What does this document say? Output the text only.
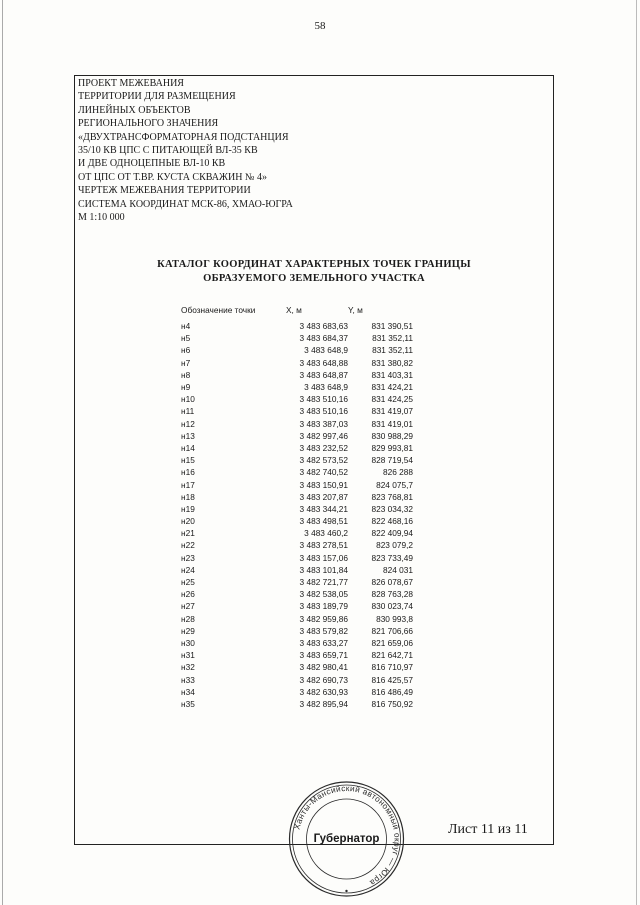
58
ПРОЕКТ МЕЖЕВАНИЯ
ТЕРРИТОРИИ ДЛЯ РАЗМЕЩЕНИЯ
ЛИНЕЙНЫХ ОБЪЕКТОВ
РЕГИОНАЛЬНОГО ЗНАЧЕНИЯ
«ДВУХТРАНСФОРМАТОРНАЯ ПОДСТАНЦИЯ
35/10 КВ ЦПС С ПИТАЮЩЕЙ ВЛ-35 КВ
И ДВЕ ОДНОЦЕПНЫЕ ВЛ-10 КВ
ОТ ЦПС ОТ Т.ВР. КУСТА СКВАЖИН № 4»
ЧЕРТЕЖ МЕЖЕВАНИЯ ТЕРРИТОРИИ
СИСТЕМА КООРДИНАТ МСК-86, ХМАО-ЮГРА
М 1:10 000
КАТАЛОГ КООРДИНАТ ХАРАКТЕРНЫХ ТОЧЕК ГРАНИЦЫ
ОБРАЗУЕМОГО ЗЕМЕЛЬНОГО УЧАСТКА
Обозначение точки	X, м	Y, м
н4	3 483 683,63	831 390,51
н5	3 483 684,37	831 352,11
н6	3 483 648,9	831 352,11
н7	3 483 648,88	831 380,82
н8	3 483 648,87	831 403,31
н9	3 483 648,9	831 424,21
н10	3 483 510,16	831 424,25
н11	3 483 510,16	831 419,07
н12	3 483 387,03	831 419,01
н13	3 482 997,46	830 988,29
н14	3 483 232,52	829 993,81
н15	3 482 573,52	828 719,54
н16	3 482 740,52	826 288
н17	3 483 150,91	824 075,7
н18	3 483 207,87	823 768,81
н19	3 483 344,21	823 034,32
н20	3 483 498,51	822 468,16
н21	3 483 460,2	822 409,94
н22	3 483 278,51	823 079,2
н23	3 483 157,06	823 733,49
н24	3 483 101,84	824 031
н25	3 482 721,77	826 078,67
н26	3 482 538,05	828 763,28
н27	3 483 189,79	830 023,74
н28	3 482 959,86	830 993,8
н29	3 483 579,82	821 706,66
н30	3 483 633,27	821 659,06
н31	3 483 659,71	821 642,71
н32	3 482 980,41	816 710,97
н33	3 482 690,73	816 425,57
н34	3 482 630,93	816 486,49
н35	3 482 895,94	816 750,92
Ханты-Мансийский автономный округ — Югра
Губернатор
Лист 11 из 11
